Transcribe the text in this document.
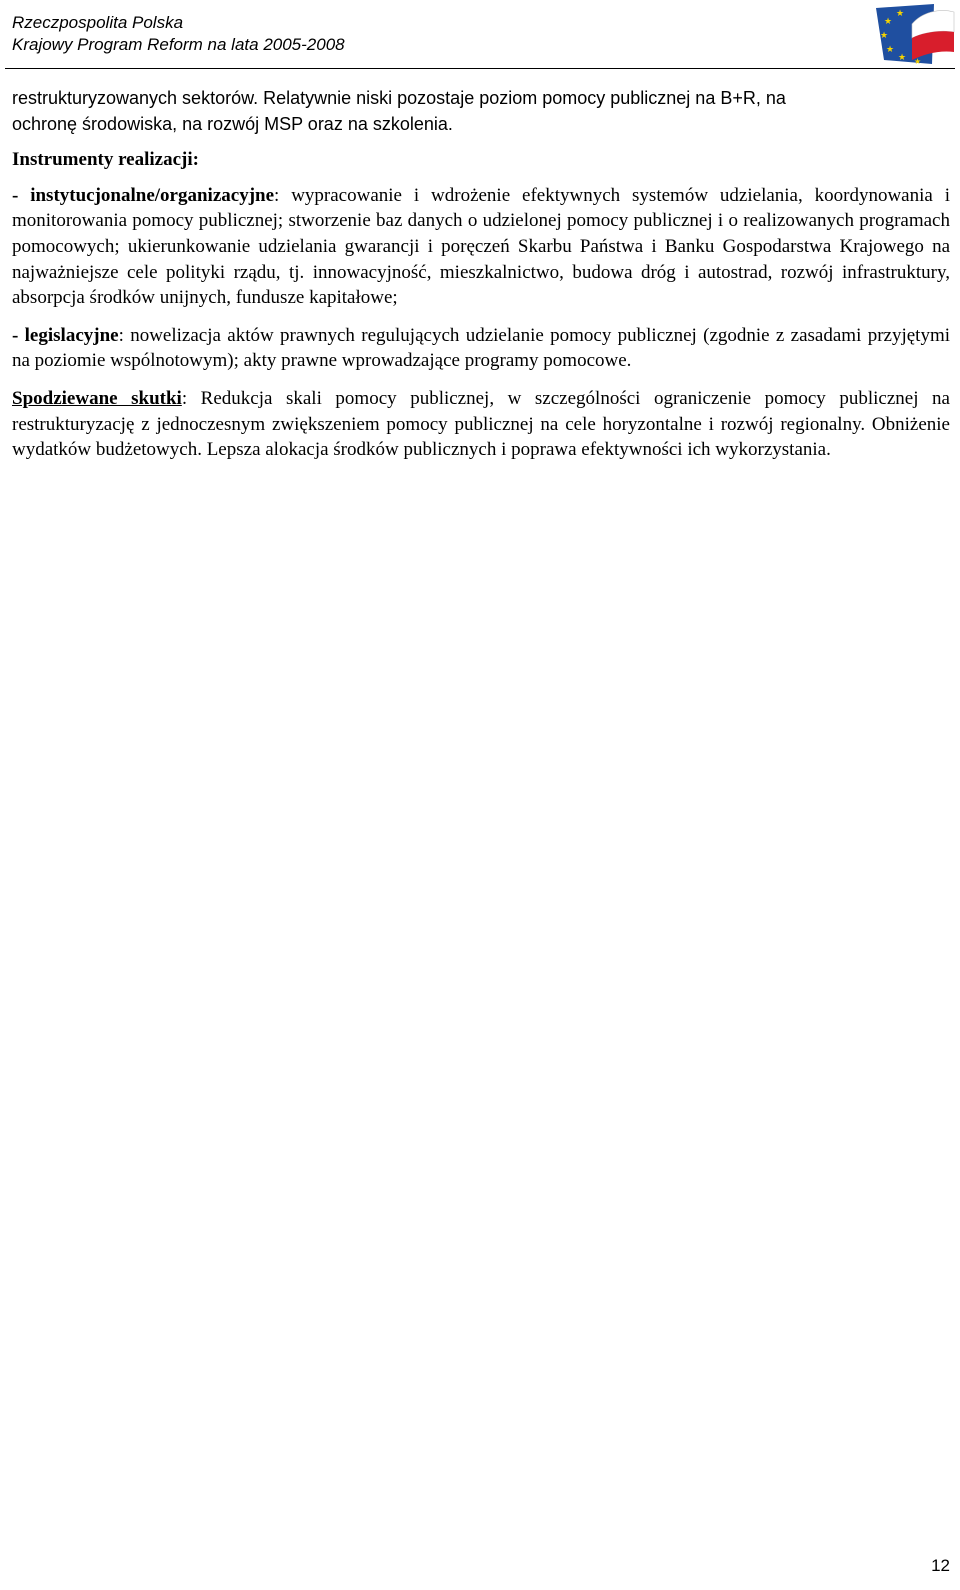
Rzeczpospolita Polska
Krajowy Program Reform na lata 2005-2008
★
★
★
★
★ ★

restrukturyzowanych sektorów. Relatywnie niski pozostaje poziom pomocy publicznej na B+R, na
ochronę środowiska, na rozwój MSP oraz na szkolenia.

Instrumenty realizacji:

- instytucjonalne/organizacyjne: wypracowanie i wdrożenie efektywnych systemów udzielania, koordynowania i monitorowania pomocy publicznej; stworzenie baz danych o udzielonej pomocy publicznej i o realizowanych programach pomocowych; ukierunkowanie udzielania gwarancji i poręczeń Skarbu Państwa i Banku Gospodarstwa Krajowego na najważniejsze cele polityki rządu, tj. innowacyjność, mieszkalnictwo, budowa dróg i autostrad, rozwój infrastruktury, absorpcja środków unijnych, fundusze kapitałowe;

- legislacyjne: nowelizacja aktów prawnych regulujących udzielanie pomocy publicznej (zgodnie z zasadami przyjętymi na poziomie wspólnotowym); akty prawne wprowadzające programy pomocowe.

Spodziewane skutki: Redukcja skali pomocy publicznej, w szczególności ograniczenie pomocy publicznej na restrukturyzację z jednoczesnym zwiększeniem pomocy publicznej na cele horyzontalne i rozwój regionalny. Obniżenie wydatków budżetowych. Lepsza alokacja środków publicznych i poprawa efektywności ich wykorzystania.

12
